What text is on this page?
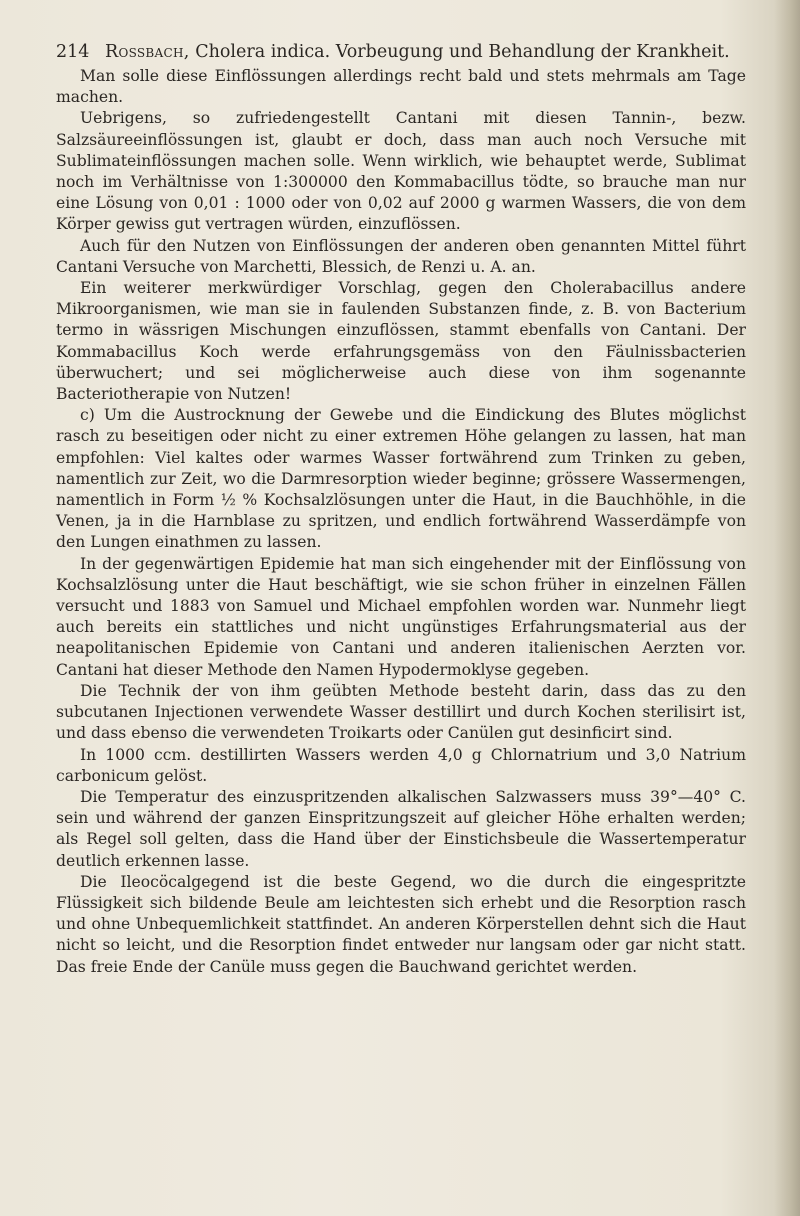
214 Rossbach, Cholera indica. Vorbeugung und Behandlung der Krankheit.

Man solle diese Einflössungen allerdings recht bald und stets mehrmals am Tage machen.

Uebrigens, so zufriedengestellt Cantani mit diesen Tannin-, bezw. Salzsäureeinflössungen ist, glaubt er doch, dass man auch noch Versuche mit Sublimateinflössungen machen solle. Wenn wirklich, wie behauptet werde, Sublimat noch im Verhältnisse von 1:300000 den Kommabacillus tödte, so brauche man nur eine Lösung von 0,01 : 1000 oder von 0,02 auf 2000 g warmen Wassers, die von dem Körper gewiss gut vertragen würden, einzuflössen.

Auch für den Nutzen von Einflössungen der anderen oben genannten Mittel führt Cantani Versuche von Marchetti, Blessich, de Renzi u. A. an.

Ein weiterer merkwürdiger Vorschlag, gegen den Cholerabacillus andere Mikroorganismen, wie man sie in faulenden Substanzen finde, z. B. von Bacterium termo in wässrigen Mischungen einzuflössen, stammt ebenfalls von Cantani. Der Kommabacillus Koch werde erfahrungsgemäss von den Fäulnissbacterien überwuchert; und sei möglicherweise auch diese von ihm sogenannte Bacteriotherapie von Nutzen!

c) Um die Austrocknung der Gewebe und die Eindickung des Blutes möglichst rasch zu beseitigen oder nicht zu einer extremen Höhe gelangen zu lassen, hat man empfohlen: Viel kaltes oder warmes Wasser fortwährend zum Trinken zu geben, namentlich zur Zeit, wo die Darmresorption wieder beginne; grössere Wassermengen, namentlich in Form ½ % Kochsalzlösungen unter die Haut, in die Bauchhöhle, in die Venen, ja in die Harnblase zu spritzen, und endlich fortwährend Wasserdämpfe von den Lungen einathmen zu lassen.

In der gegenwärtigen Epidemie hat man sich eingehender mit der Einflössung von Kochsalzlösung unter die Haut beschäftigt, wie sie schon früher in einzelnen Fällen versucht und 1883 von Samuel und Michael empfohlen worden war. Nunmehr liegt auch bereits ein stattliches und nicht ungünstiges Erfahrungsmaterial aus der neapolitanischen Epidemie von Cantani und anderen italienischen Aerzten vor. Cantani hat dieser Methode den Namen Hypodermoklyse gegeben.

Die Technik der von ihm geübten Methode besteht darin, dass das zu den subcutanen Injectionen verwendete Wasser destillirt und durch Kochen sterilisirt ist, und dass ebenso die verwendeten Troikarts oder Canülen gut desinficirt sind.

In 1000 ccm. destillirten Wassers werden 4,0 g Chlornatrium und 3,0 Natrium carbonicum gelöst.

Die Temperatur des einzuspritzenden alkalischen Salzwassers muss 39°—40° C. sein und während der ganzen Einspritzungszeit auf gleicher Höhe erhalten werden; als Regel soll gelten, dass die Hand über der Einstichsbeule die Wassertemperatur deutlich erkennen lasse.

Die Ileocöcalgegend ist die beste Gegend, wo die durch die eingespritzte Flüssigkeit sich bildende Beule am leichtesten sich erhebt und die Resorption rasch und ohne Unbequemlichkeit stattfindet. An anderen Körperstellen dehnt sich die Haut nicht so leicht, und die Resorption findet entweder nur langsam oder gar nicht statt. Das freie Ende der Canüle muss gegen die Bauchwand gerichtet werden.
